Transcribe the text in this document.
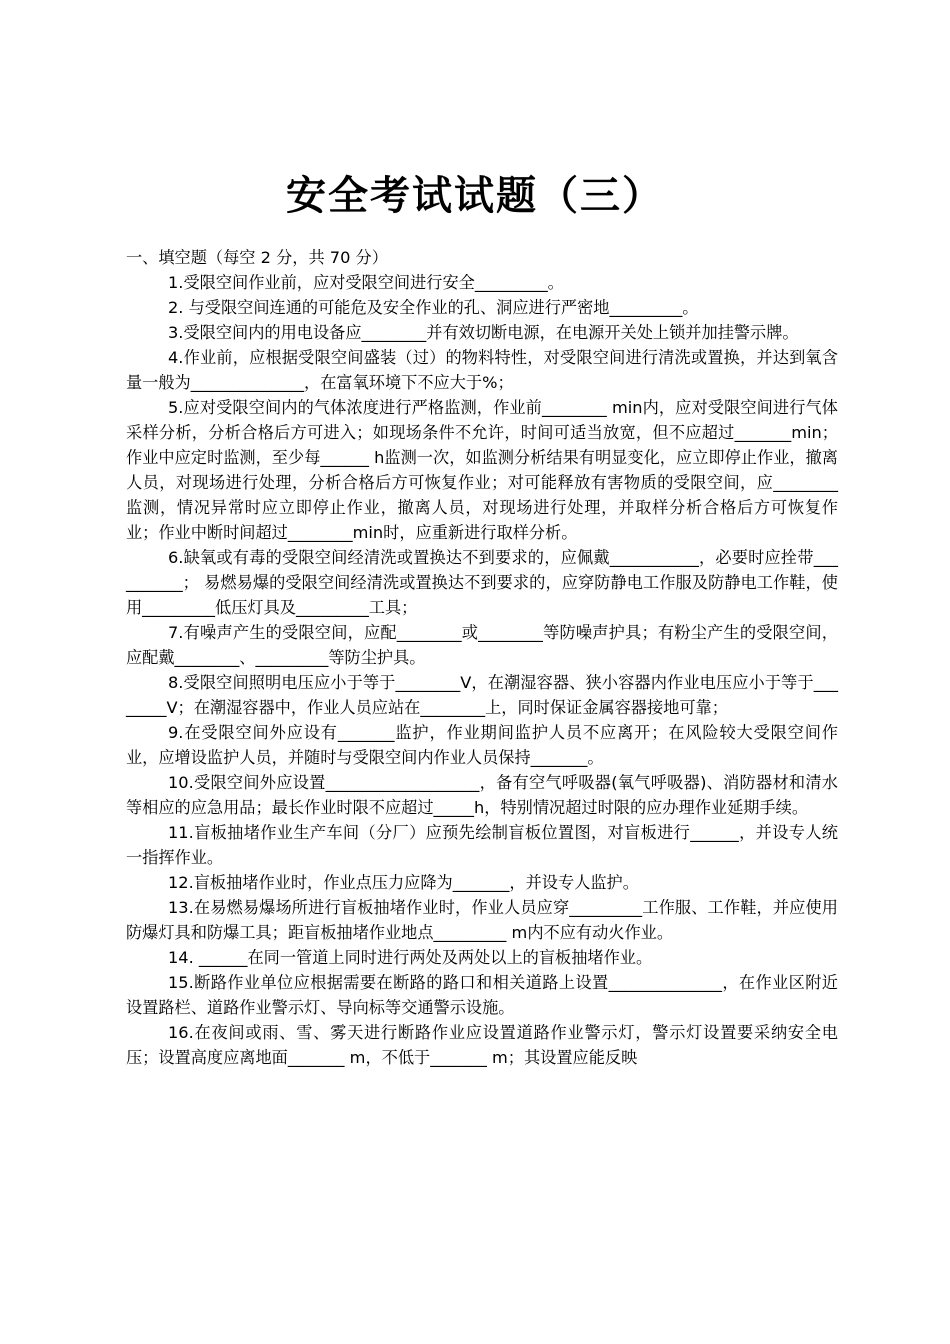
安全考试试题（三）

一、填空题（每空 2 分，共 70 分）

1.受限空间作业前，应对受限空间进行安全_________。

2. 与受限空间连通的可能危及安全作业的孔、洞应进行严密地_________。

3.受限空间内的用电设备应________并有效切断电源，在电源开关处上锁并加挂警示牌。

4.作业前，应根据受限空间盛装（过）的物料特性，对受限空间进行清洗或置换，并达到氧含量一般为______________，在富氧环境下不应大于%；

5.应对受限空间内的气体浓度进行严格监测，作业前________ min内，应对受限空间进行气体采样分析，分析合格后方可进入；如现场条件不允许，时间可适当放宽，但不应超过_______min；作业中应定时监测，至少每______ h监测一次，如监测分析结果有明显变化，应立即停止作业，撤离人员，对现场进行处理，分析合格后方可恢复作业；对可能释放有害物质的受限空间，应________监测，情况异常时应立即停止作业，撤离人员，对现场进行处理，并取样分析合格后方可恢复作业；作业中断时间超过________min时，应重新进行取样分析。

6.缺氧或有毒的受限空间经清洗或置换达不到要求的，应佩戴___________，必要时应拴带__________； 易燃易爆的受限空间经清洗或置换达不到要求的，应穿防静电工作服及防静电工作鞋，使用_________低压灯具及_________工具；

7.有噪声产生的受限空间，应配________或________等防噪声护具；有粉尘产生的受限空间，应配戴________、_________等防尘护具。

8.受限空间照明电压应小于等于________V，在潮湿容器、狭小容器内作业电压应小于等于________V；在潮湿容器中，作业人员应站在________上，同时保证金属容器接地可靠；

9.在受限空间外应设有_______监护，作业期间监护人员不应离开；在风险较大受限空间作业，应增设监护人员，并随时与受限空间内作业人员保持_______。

10.受限空间外应设置___________________，备有空气呼吸器(氧气呼吸器)、消防器材和清水等相应的应急用品；最长作业时限不应超过_____h，特别情况超过时限的应办理作业延期手续。

11.盲板抽堵作业生产车间（分厂）应预先绘制盲板位置图，对盲板进行______，并设专人统一指挥作业。

12.盲板抽堵作业时，作业点压力应降为_______，并设专人监护。

13.在易燃易爆场所进行盲板抽堵作业时，作业人员应穿_________工作服、工作鞋，并应使用防爆灯具和防爆工具；距盲板抽堵作业地点_________ m内不应有动火作业。

14. ______在同一管道上同时进行两处及两处以上的盲板抽堵作业。

15.断路作业单位应根据需要在断路的路口和相关道路上设置______________，在作业区附近设置路栏、道路作业警示灯、导向标等交通警示设施。

16.在夜间或雨、雪、雾天进行断路作业应设置道路作业警示灯，警示灯设置要采纳安全电压；设置高度应离地面_______ m，不低于_______ m；其设置应能反映
